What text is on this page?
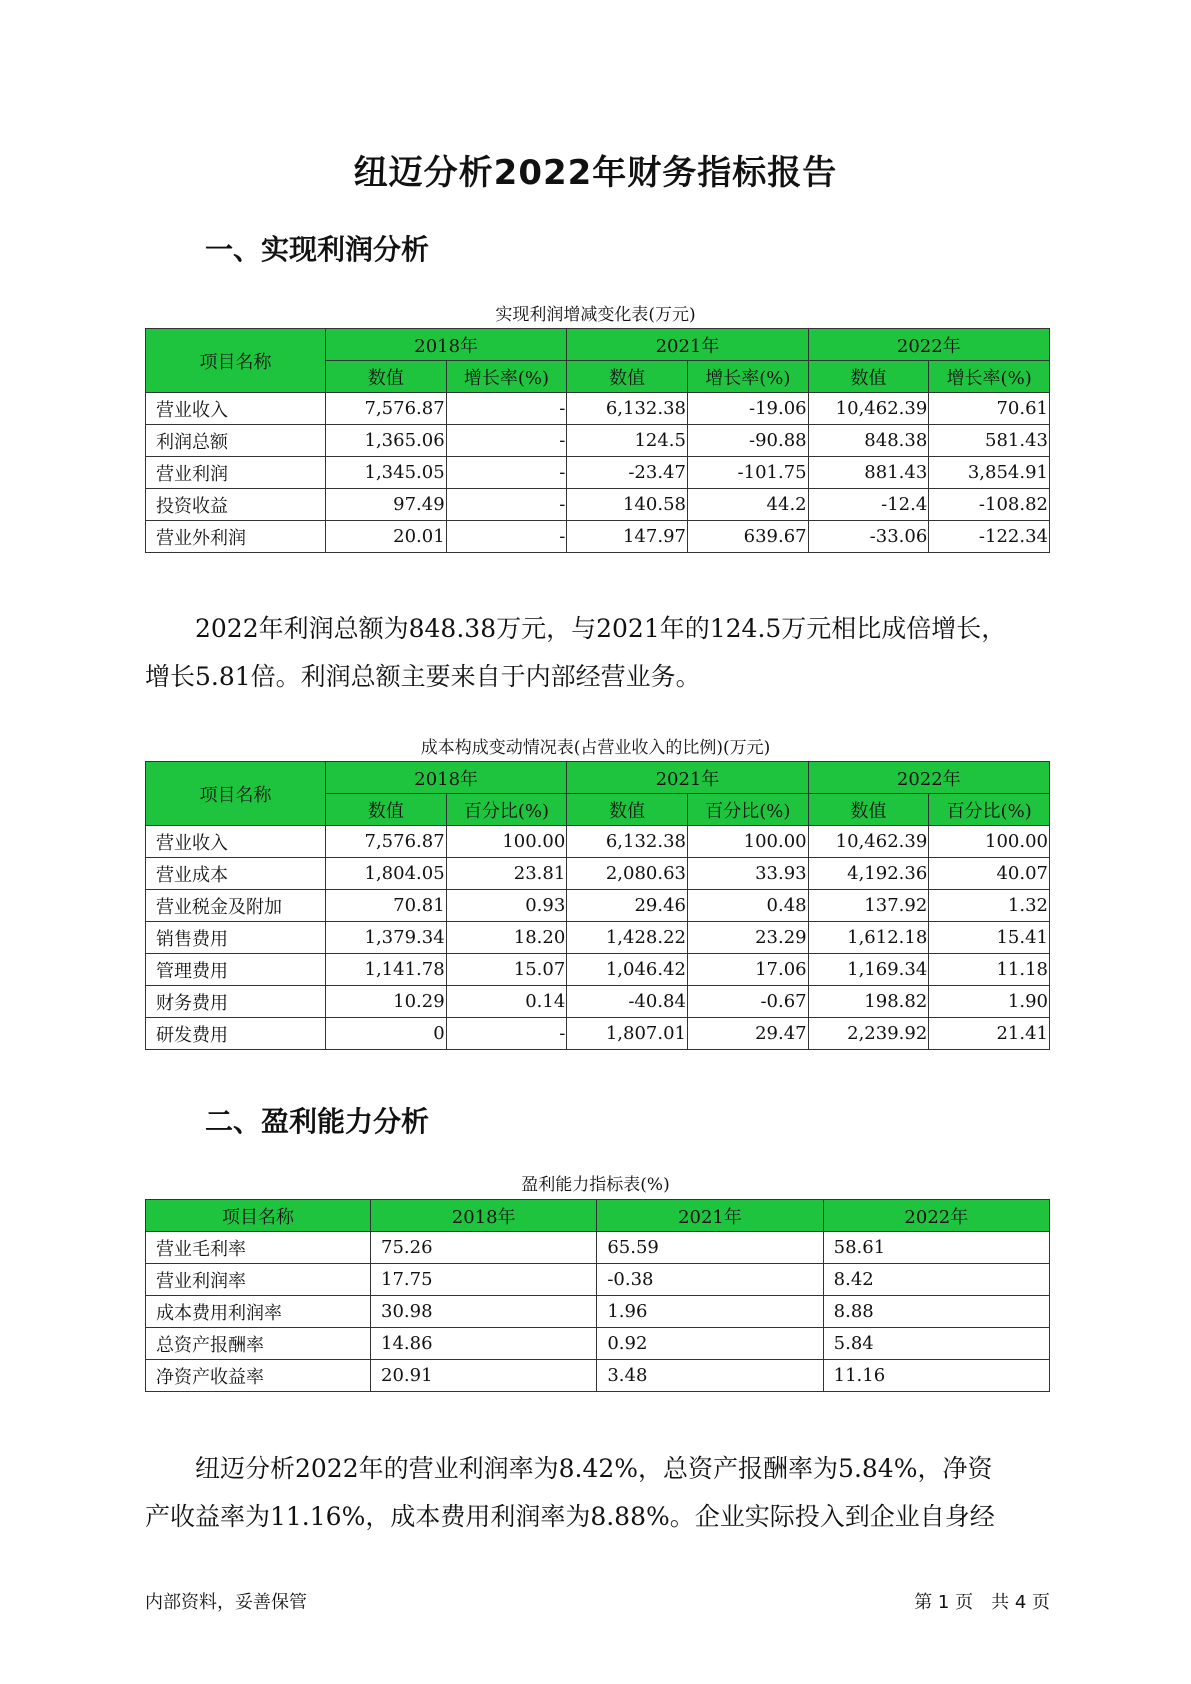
纽迈分析2022年财务指标报告
一、实现利润分析
实现利润增减变化表(万元)
项目名称	2018年		2021年		2022年	
	数值	增长率(%)	数值	增长率(%)	数值	增长率(%)
营业收入	7,576.87	-	6,132.38	-19.06	10,462.39	70.61
利润总额	1,365.06	-	124.5	-90.88	848.38	581.43
营业利润	1,345.05	-	-23.47	-101.75	881.43	3,854.91
投资收益	97.49	-	140.58	44.2	-12.4	-108.82
营业外利润	20.01	-	147.97	639.67	-33.06	-122.34
2022年利润总额为848.38万元，与2021年的124.5万元相比成倍增长，
增长5.81倍。利润总额主要来自于内部经营业务。
成本构成变动情况表(占营业收入的比例)(万元)
项目名称	2018年		2021年		2022年	
	数值	百分比(%)	数值	百分比(%)	数值	百分比(%)
营业收入	7,576.87	100.00	6,132.38	100.00	10,462.39	100.00
营业成本	1,804.05	23.81	2,080.63	33.93	4,192.36	40.07
营业税金及附加	70.81	0.93	29.46	0.48	137.92	1.32
销售费用	1,379.34	18.20	1,428.22	23.29	1,612.18	15.41
管理费用	1,141.78	15.07	1,046.42	17.06	1,169.34	11.18
财务费用	10.29	0.14	-40.84	-0.67	198.82	1.90
研发费用	0	-	1,807.01	29.47	2,239.92	21.41
二、盈利能力分析
盈利能力指标表(%)
项目名称	2018年	2021年	2022年
营业毛利率	75.26	65.59	58.61
营业利润率	17.75	-0.38	8.42
成本费用利润率	30.98	1.96	8.88
总资产报酬率	14.86	0.92	5.84
净资产收益率	20.91	3.48	11.16
纽迈分析2022年的营业利润率为8.42%，总资产报酬率为5.84%，净资
产收益率为11.16%，成本费用利润率为8.88%。企业实际投入到企业自身经
内部资料，妥善保管	第 1 页　共 4 页
